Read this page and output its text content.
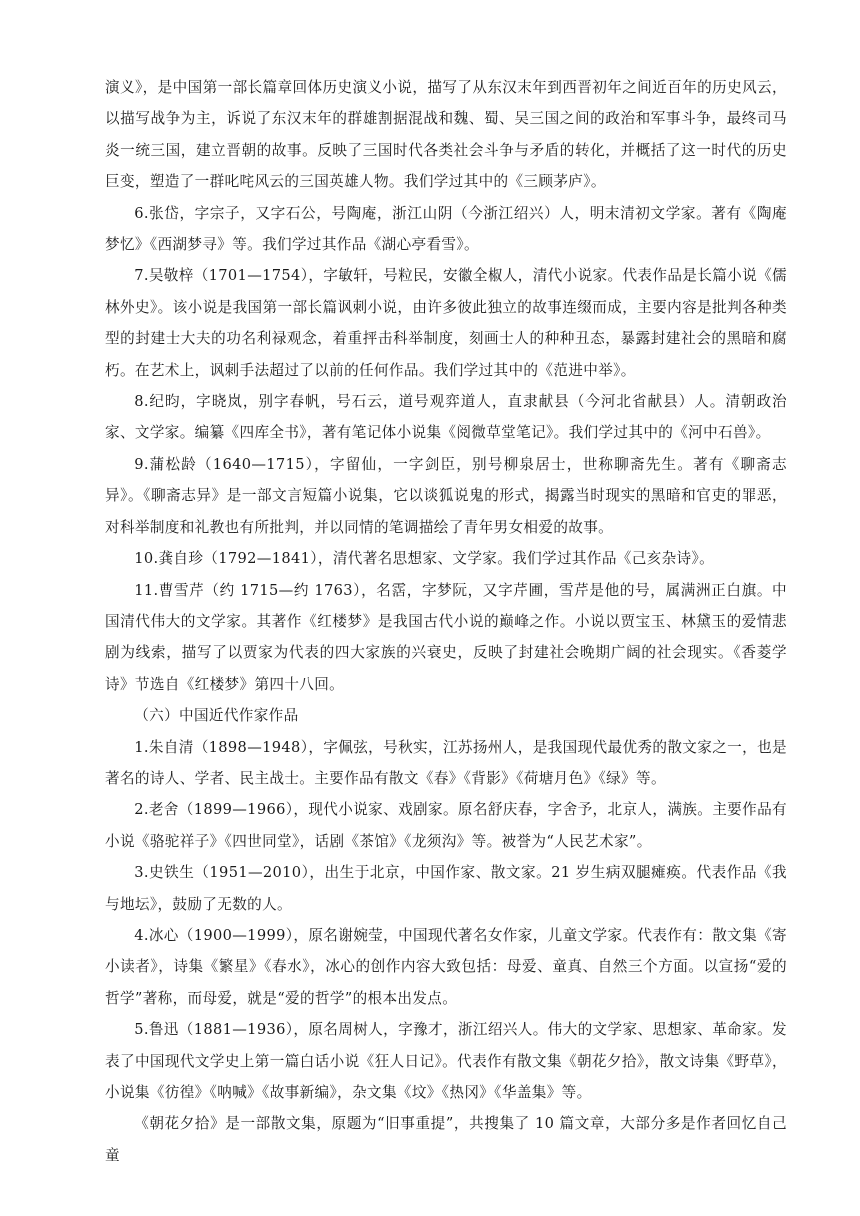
演义》，是中国第一部长篇章回体历史演义小说，描写了从东汉末年到西晋初年之间近百年的历史风云，以描写战争为主，诉说了东汉末年的群雄割据混战和魏、蜀、吴三国之间的政治和军事斗争，最终司马炎一统三国，建立晋朝的故事。反映了三国时代各类社会斗争与矛盾的转化，并概括了这一时代的历史巨变，塑造了一群叱咤风云的三国英雄人物。我们学过其中的《三顾茅庐》。

6.张岱，字宗子，又字石公，号陶庵，浙江山阴（今浙江绍兴）人，明末清初文学家。著有《陶庵梦忆》《西湖梦寻》等。我们学过其作品《湖心亭看雪》。

7.吴敬梓（1701—1754），字敏轩，号粒民，安徽全椒人，清代小说家。代表作品是长篇小说《儒林外史》。该小说是我国第一部长篇讽刺小说，由许多彼此独立的故事连缀而成，主要内容是批判各种类型的封建士大夫的功名利禄观念，着重抨击科举制度，刻画士人的种种丑态，暴露封建社会的黑暗和腐朽。在艺术上，讽刺手法超过了以前的任何作品。我们学过其中的《范进中举》。

8.纪昀，字晓岚，别字春帆，号石云，道号观弈道人，直隶献县（今河北省献县）人。清朝政治家、文学家。编纂《四库全书》，著有笔记体小说集《阅微草堂笔记》。我们学过其中的《河中石兽》。

9.蒲松龄（1640—1715），字留仙，一字剑臣，别号柳泉居士，世称聊斋先生。著有《聊斋志异》。《聊斋志异》是一部文言短篇小说集，它以谈狐说鬼的形式，揭露当时现实的黑暗和官吏的罪恶，对科举制度和礼教也有所批判，并以同情的笔调描绘了青年男女相爱的故事。

10.龚自珍（1792—1841），清代著名思想家、文学家。我们学过其作品《己亥杂诗》。

11.曹雪芹（约 1715—约 1763），名霑，字梦阮，又字芹圃，雪芹是他的号，属满洲正白旗。中国清代伟大的文学家。其著作《红楼梦》是我国古代小说的巅峰之作。小说以贾宝玉、林黛玉的爱情悲剧为线索，描写了以贾家为代表的四大家族的兴衰史，反映了封建社会晚期广阔的社会现实。《香菱学诗》节选自《红楼梦》第四十八回。

（六）中国近代作家作品

1.朱自清（1898—1948），字佩弦，号秋实，江苏扬州人，是我国现代最优秀的散文家之一，也是著名的诗人、学者、民主战士。主要作品有散文《春》《背影》《荷塘月色》《绿》等。

2.老舍（1899—1966），现代小说家、戏剧家。原名舒庆春，字舍予，北京人，满族。主要作品有小说《骆驼祥子》《四世同堂》，话剧《茶馆》《龙须沟》等。被誉为“人民艺术家”。

3.史铁生（1951—2010），出生于北京，中国作家、散文家。21 岁生病双腿瘫痪。代表作品《我与地坛》，鼓励了无数的人。

4.冰心（1900—1999），原名谢婉莹，中国现代著名女作家，儿童文学家。代表作有：散文集《寄小读者》，诗集《繁星》《春水》，冰心的创作内容大致包括：母爱、童真、自然三个方面。以宣扬“爱的哲学”著称，而母爱，就是“爱的哲学”的根本出发点。

5.鲁迅（1881—1936），原名周树人，字豫才，浙江绍兴人。伟大的文学家、思想家、革命家。发表了中国现代文学史上第一篇白话小说《狂人日记》。代表作有散文集《朝花夕拾》，散文诗集《野草》，小说集《彷徨》《呐喊》《故事新编》，杂文集《坟》《热冈》《华盖集》等。

《朝花夕拾》是一部散文集，原题为“旧事重提”，共搜集了 10 篇文章，大部分多是作者回忆自己童
